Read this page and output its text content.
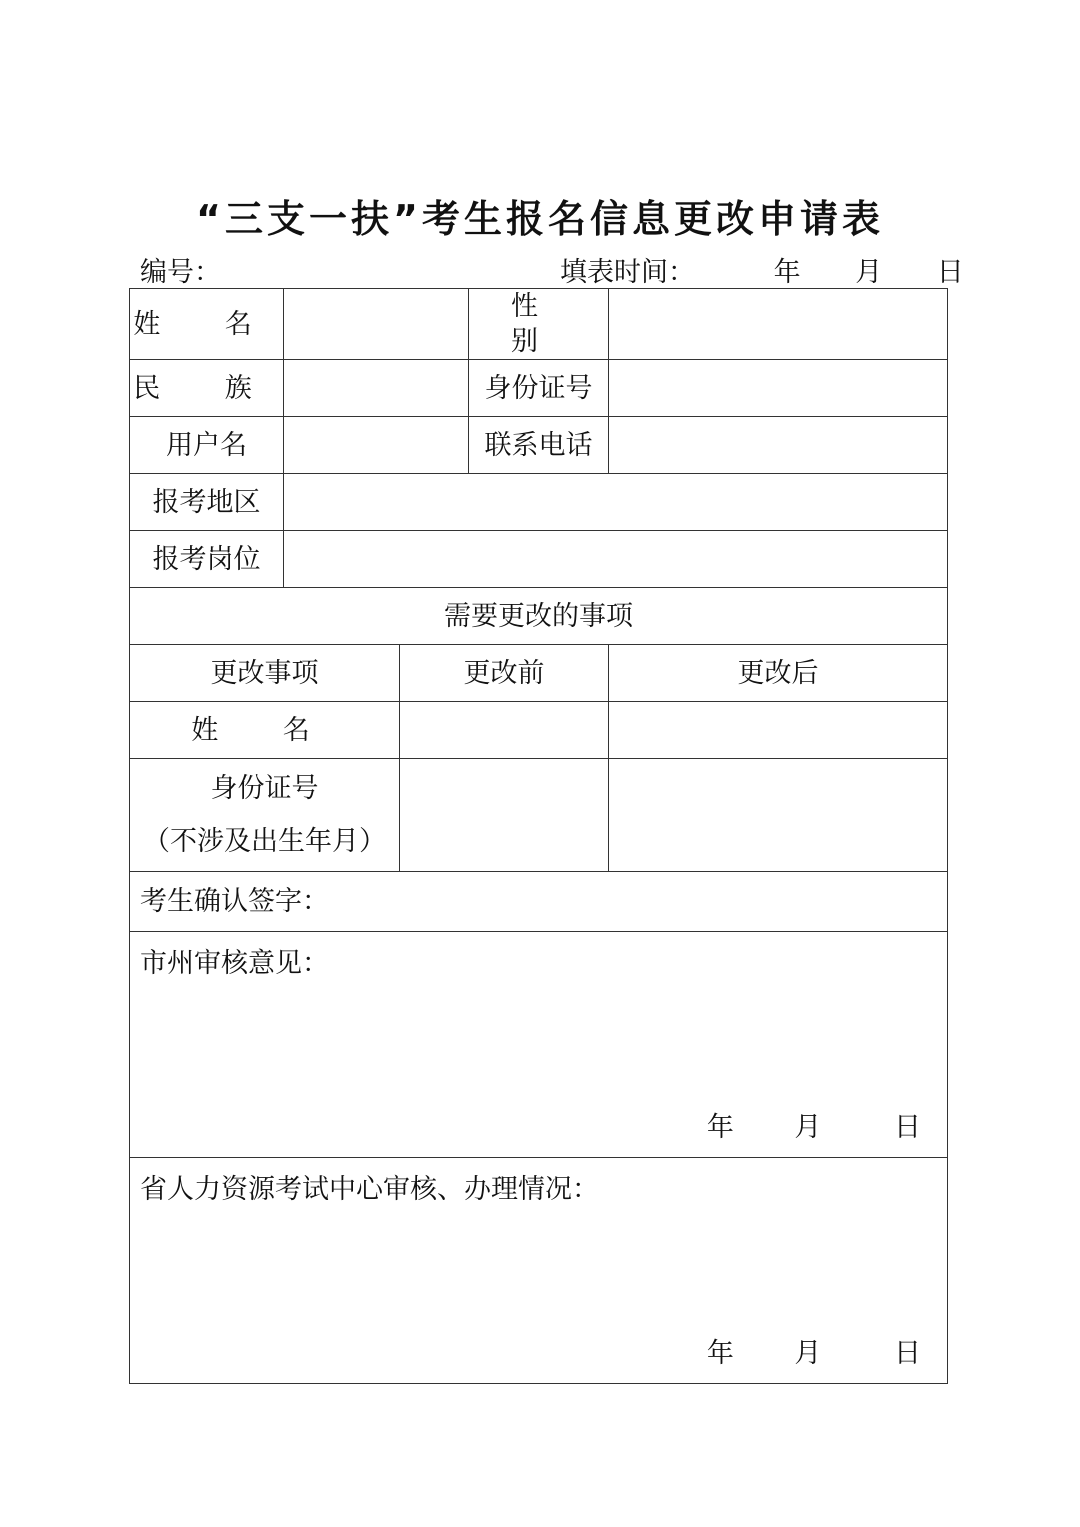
“三支一扶”考生报名信息更改申请表
编号：	填表时间：	年 月 日
姓 名			性 别	
民 族			身份证号	
用户名			联系电话	
报考地区				
报考岗位				
需要更改的事项				
更改事项		更改前		更改后
姓 名				
身份证号
（不涉及出生年月）				

考生确认签字：				

市州审核意见：
年 月 日				

省人力资源考试中心审核、办理情况：
年 月 日				
